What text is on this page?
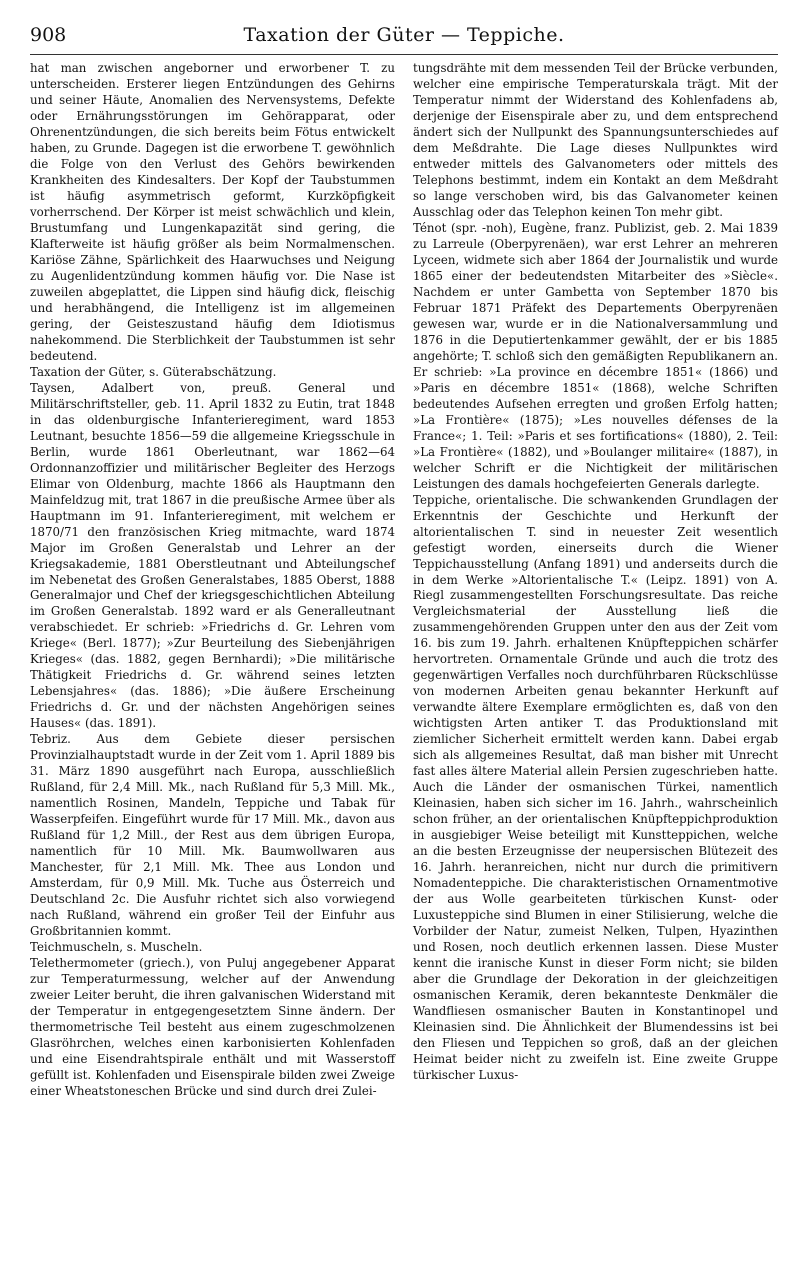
908	Taxation der Güter — Teppiche.

hat man zwischen angeborner und erworbener T. zu unterscheiden. Ersterer liegen Entzündungen des Gehirns und seiner Häute, Anomalien des Nervensystems, Defekte oder Ernährungsstörungen im Gehörapparat, oder Ohrenentzündungen, die sich bereits beim Fötus entwickelt haben, zu Grunde. Dagegen ist die erworbene T. gewöhnlich die Folge von den Verlust des Gehörs bewirkenden Krankheiten des Kindesalters. Der Kopf der Taubstummen ist häufig asymmetrisch geformt, Kurzköpfigkeit vorherrschend. Der Körper ist meist schwächlich und klein, Brustumfang und Lungenkapazität sind gering, die Klafterweite ist häufig größer als beim Normalmenschen. Kariöse Zähne, Spärlichkeit des Haarwuchses und Neigung zu Augenlidentzündung kommen häufig vor. Die Nase ist zuweilen abgeplattet, die Lippen sind häufig dick, fleischig und herabhängend, die Intelligenz ist im allgemeinen gering, der Geisteszustand häufig dem Idiotismus nahekommend. Die Sterblichkeit der Taubstummen ist sehr bedeutend.

Taxation der Güter, s. Güterabschätzung.

Taysen, Adalbert von, preuß. General und Militärschriftsteller, geb. 11. April 1832 zu Eutin, trat 1848 in das oldenburgische Infanterieregiment, ward 1853 Leutnant, besuchte 1856—59 die allgemeine Kriegsschule in Berlin, wurde 1861 Oberleutnant, war 1862—64 Ordonnanzoffizier und militärischer Begleiter des Herzogs Elimar von Oldenburg, machte 1866 als Hauptmann den Mainfeldzug mit, trat 1867 in die preußische Armee über als Hauptmann im 91. Infanterieregiment, mit welchem er 1870/71 den französischen Krieg mitmachte, ward 1874 Major im Großen Generalstab und Lehrer an der Kriegsakademie, 1881 Oberstleutnant und Abteilungschef im Nebenetat des Großen Generalstabes, 1885 Oberst, 1888 Generalmajor und Chef der kriegsgeschichtlichen Abteilung im Großen Generalstab. 1892 ward er als Generalleutnant verabschiedet. Er schrieb: »Friedrichs d. Gr. Lehren vom Kriege« (Berl. 1877); »Zur Beurteilung des Siebenjährigen Krieges« (das. 1882, gegen Bernhardi); »Die militärische Thätigkeit Friedrichs d. Gr. während seines letzten Lebensjahres« (das. 1886); »Die äußere Erscheinung Friedrichs d. Gr. und der nächsten Angehörigen seines Hauses« (das. 1891).

Tebriz. Aus dem Gebiete dieser persischen Provinzialhauptstadt wurde in der Zeit vom 1. April 1889 bis 31. März 1890 ausgeführt nach Europa, ausschließlich Rußland, für 2,4 Mill. Mk., nach Rußland für 5,3 Mill. Mk., namentlich Rosinen, Mandeln, Teppiche und Tabak für Wasserpfeifen. Eingeführt wurde für 17 Mill. Mk., davon aus Rußland für 1,2 Mill., der Rest aus dem übrigen Europa, namentlich für 10 Mill. Mk. Baumwollwaren aus Manchester, für 2,1 Mill. Mk. Thee aus London und Amsterdam, für 0,9 Mill. Mk. Tuche aus Österreich und Deutschland 2c. Die Ausfuhr richtet sich also vorwiegend nach Rußland, während ein großer Teil der Einfuhr aus Großbritannien kommt.

Teichmuscheln, s. Muscheln.

Telethermometer (griech.), von Puluj angegebener Apparat zur Temperaturmessung, welcher auf der Anwendung zweier Leiter beruht, die ihren galvanischen Widerstand mit der Temperatur in entgegengesetztem Sinne ändern. Der thermometrische Teil besteht aus einem zugeschmolzenen Glasröhrchen, welches einen karbonisierten Kohlenfaden und eine Eisendrahtspirale enthält und mit Wasserstoff gefüllt ist. Kohlenfaden und Eisenspirale bilden zwei Zweige einer Wheatstoneschen Brücke und sind durch drei Zulei-

tungsdrähte mit dem messenden Teil der Brücke verbunden, welcher eine empirische Temperaturskala trägt. Mit der Temperatur nimmt der Widerstand des Kohlenfadens ab, derjenige der Eisenspirale aber zu, und dem entsprechend ändert sich der Nullpunkt des Spannungsunterschiedes auf dem Meßdrahte. Die Lage dieses Nullpunktes wird entweder mittels des Galvanometers oder mittels des Telephons bestimmt, indem ein Kontakt an dem Meßdraht so lange verschoben wird, bis das Galvanometer keinen Ausschlag oder das Telephon keinen Ton mehr gibt.

Ténot (spr. -noh), Eugène, franz. Publizist, geb. 2. Mai 1839 zu Larreule (Oberpyrenäen), war erst Lehrer an mehreren Lyceen, widmete sich aber 1864 der Journalistik und wurde 1865 einer der bedeutendsten Mitarbeiter des »Siècle«. Nachdem er unter Gambetta von September 1870 bis Februar 1871 Präfekt des Departements Oberpyrenäen gewesen war, wurde er in die Nationalversammlung und 1876 in die Deputiertenkammer gewählt, der er bis 1885 angehörte; T. schloß sich den gemäßigten Republikanern an. Er schrieb: »La province en décembre 1851« (1866) und »Paris en décembre 1851« (1868), welche Schriften bedeutendes Aufsehen erregten und großen Erfolg hatten; »La Frontière« (1875); »Les nouvelles défenses de la France«; 1. Teil: »Paris et ses fortifications« (1880), 2. Teil: »La Frontière« (1882), und »Boulanger militaire« (1887), in welcher Schrift er die Nichtigkeit der militärischen Leistungen des damals hochgefeierten Generals darlegte.

Teppiche, orientalische. Die schwankenden Grundlagen der Erkenntnis der Geschichte und Herkunft der altorientalischen T. sind in neuester Zeit wesentlich gefestigt worden, einerseits durch die Wiener Teppichausstellung (Anfang 1891) und anderseits durch die in dem Werke »Altorientalische T.« (Leipz. 1891) von A. Riegl zusammengestellten Forschungsresultate. Das reiche Vergleichsmaterial der Ausstellung ließ die zusammengehörenden Gruppen unter den aus der Zeit vom 16. bis zum 19. Jahrh. erhaltenen Knüpfteppichen schärfer hervortreten. Ornamentale Gründe und auch die trotz des gegenwärtigen Verfalles noch durchführbaren Rückschlüsse von modernen Arbeiten genau bekannter Herkunft auf verwandte ältere Exemplare ermöglichten es, daß von den wichtigsten Arten antiker T. das Produktionsland mit ziemlicher Sicherheit ermittelt werden kann. Dabei ergab sich als allgemeines Resultat, daß man bisher mit Unrecht fast alles ältere Material allein Persien zugeschrieben hatte. Auch die Länder der osmanischen Türkei, namentlich Kleinasien, haben sich sicher im 16. Jahrh., wahrscheinlich schon früher, an der orientalischen Knüpfteppichproduktion in ausgiebiger Weise beteiligt mit Kunstteppichen, welche an die besten Erzeugnisse der neupersischen Blütezeit des 16. Jahrh. heranreichen, nicht nur durch die primitivern Nomadenteppiche. Die charakteristischen Ornamentmotive der aus Wolle gearbeiteten türkischen Kunst- oder Luxusteppiche sind Blumen in einer Stilisierung, welche die Vorbilder der Natur, zumeist Nelken, Tulpen, Hyazinthen und Rosen, noch deutlich erkennen lassen. Diese Muster kennt die iranische Kunst in dieser Form nicht; sie bilden aber die Grundlage der Dekoration in der gleichzeitigen osmanischen Keramik, deren bekannteste Denkmäler die Wandfliesen osmanischer Bauten in Konstantinopel und Kleinasien sind. Die Ähnlichkeit der Blumendessins ist bei den Fliesen und Teppichen so groß, daß an der gleichen Heimat beider nicht zu zweifeln ist. Eine zweite Gruppe türkischer Luxus-
